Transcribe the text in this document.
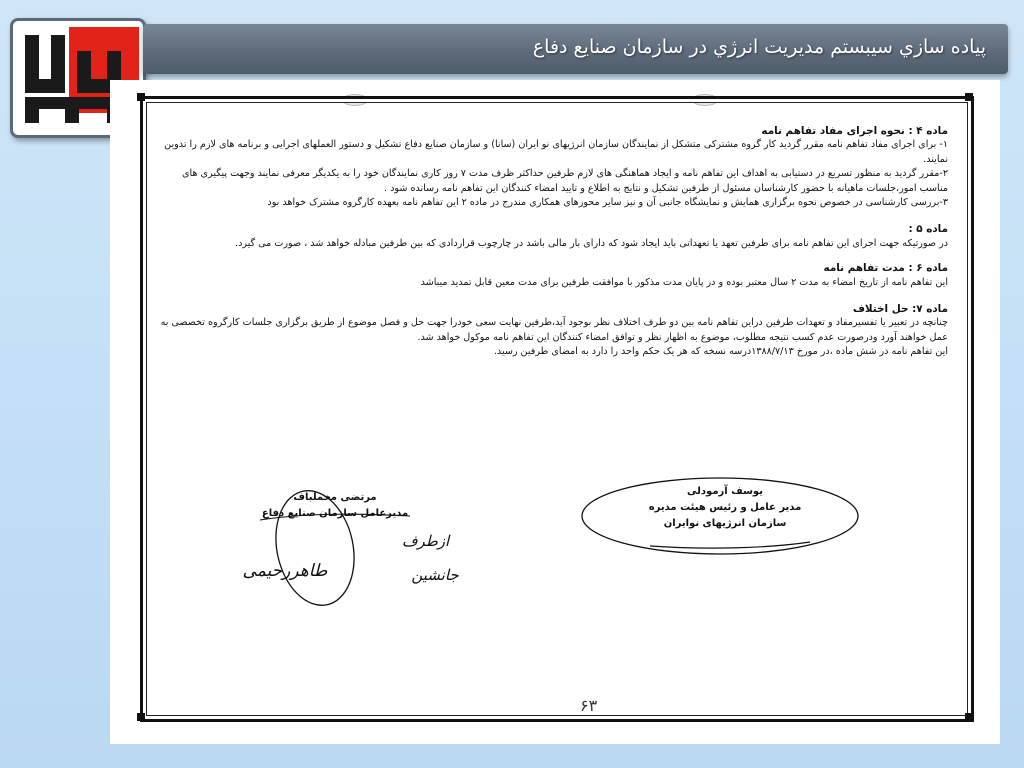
پياده سازي سيبستم مديريت انرژي در سازمان صنايع دفاع
ماده ۴ : نحوه اجرای مفاد تفاهم نامه

۱- برای اجرای مفاد تفاهم نامه مقرر گردید کار گروه مشترکی متشکل از نمایندگان سازمان انرژیهای نو ایران (سانا) و سازمان صنایع دفاع تشکیل و دستور العملهای اجرایی و برنامه های لازم را تدوین نمایند.

۲-مقرر گردید به منظور تسریع در دستیابی به اهداف این تفاهم نامه و ایجاد هماهنگی های لازم طرفین حداکثر ظرف مدت ۷ روز کاری نمایندگان خود را به یکدیگر معرفی نمایند وجهت پیگیری های مناسب امور،جلسات ماهیانه با حضور کارشناسان مسئول از طرفین تشکیل و نتایج به اطلاع و تایید امضاء کنندگان این تفاهم نامه رسانده شود .

۳-بررسی کارشناسی در خصوص نحوه برگزاری همایش و نمایشگاه جانبی آن و نیز سایر محورهای همکاری مندرج در ماده ۲ این تفاهم نامه بعهده کارگروه مشترک خواهد بود

ماده ۵ :

در صورتیکه جهت اجرای این تفاهم نامه برای طرفین تعهد یا تعهداتی باید ایجاد شود که دارای بار مالی باشد در چارچوب قراردادی که بین طرفین مبادله خواهد شد ، صورت می گیرد.

ماده ۶ : مدت تفاهم نامه

این تفاهم نامه از تاریخ امضاء به مدت ۲ سال معتبر بوده و در پایان مدت مذکور با موافقت طرفین برای مدت معین قابل تمدید میباشد

ماده ۷: حل اختلاف

چنانچه در تعبیر یا تفسیرمفاد و تعهدات طرفین دراین تفاهم نامه بین دو طرف اختلاف نظر بوجود آید،طرفین نهایت سعی خودرا جهت حل و فصل موضوع از طریق برگزاری جلسات کارگروه تخصصی به عمل خواهند آورد ودرصورت عدم کسب نتیجه مطلوب، موضوع به اظهار نظر و توافق امضاء کنندگان این تفاهم نامه موکول خواهد شد.

این تفاهم نامه در شش ماده ،در مورخ ۱۳۸۸/۷/۱۳درسه نسخه که هر یک حکم واحد را دارد به امضای طرفین رسید.

یوسف آرمودلی
مدیر عامل و رئیس هیئت مدیره
سازمان انرژیهای نوایران
مرتضی مخملباف
مدیرعامل سازمان صنایع دفاع
طاهررحیمی	جانشین
ازطرف
۶۳
